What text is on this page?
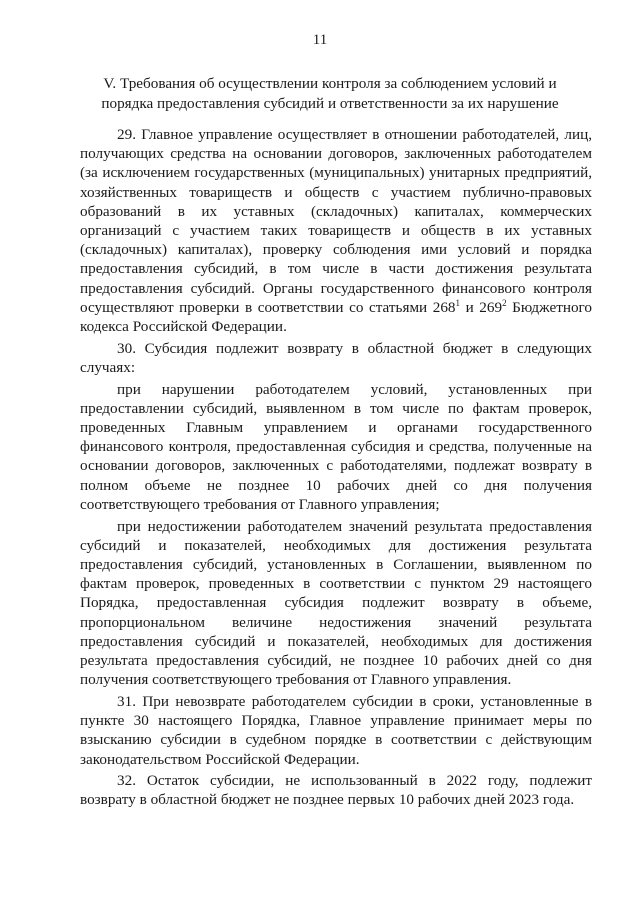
11
V. Требования об осуществлении контроля за соблюдением условий и порядка предоставления субсидий и ответственности за их нарушение

29. Главное управление осуществляет в отношении работодателей, лиц, получающих средства на основании договоров, заключенных работодателем (за исключением государственных (муниципальных) унитарных предприятий, хозяйственных товариществ и обществ с участием публично-правовых образований в их уставных (складочных) капиталах, коммерческих организаций с участием таких товариществ и обществ в их уставных (складочных) капиталах), проверку соблюдения ими условий и порядка предоставления субсидий, в том числе в части достижения результата предоставления субсидий. Органы государственного финансового контроля осуществляют проверки в соответствии со статьями $268^1$ и $269^2$ Бюджетного кодекса Российской Федерации.

30. Субсидия подлежит возврату в областной бюджет в следующих случаях:

при нарушении работодателем условий, установленных при предоставлении субсидий, выявленном в том числе по фактам проверок, проведенных Главным управлением и органами государственного финансового контроля, предоставленная субсидия и средства, полученные на основании договоров, заключенных с работодателями, подлежат возврату в полном объеме не позднее 10 рабочих дней со дня получения соответствующего требования от Главного управления;

при недостижении работодателем значений результата предоставления субсидий и показателей, необходимых для достижения результата предоставления субсидий, установленных в Соглашении, выявленном по фактам проверок, проведенных в соответствии с пунктом 29 настоящего Порядка, предоставленная субсидия подлежит возврату в объеме, пропорциональном величине недостижения значений результата предоставления субсидий и показателей, необходимых для достижения результата предоставления субсидий, не позднее 10 рабочих дней со дня получения соответствующего требования от Главного управления.

31. При невозврате работодателем субсидии в сроки, установленные в пункте 30 настоящего Порядка, Главное управление принимает меры по взысканию субсидии в судебном порядке в соответствии с действующим законодательством Российской Федерации.

32. Остаток субсидии, не использованный в 2022 году, подлежит возврату в областной бюджет не позднее первых 10 рабочих дней 2023 года.
